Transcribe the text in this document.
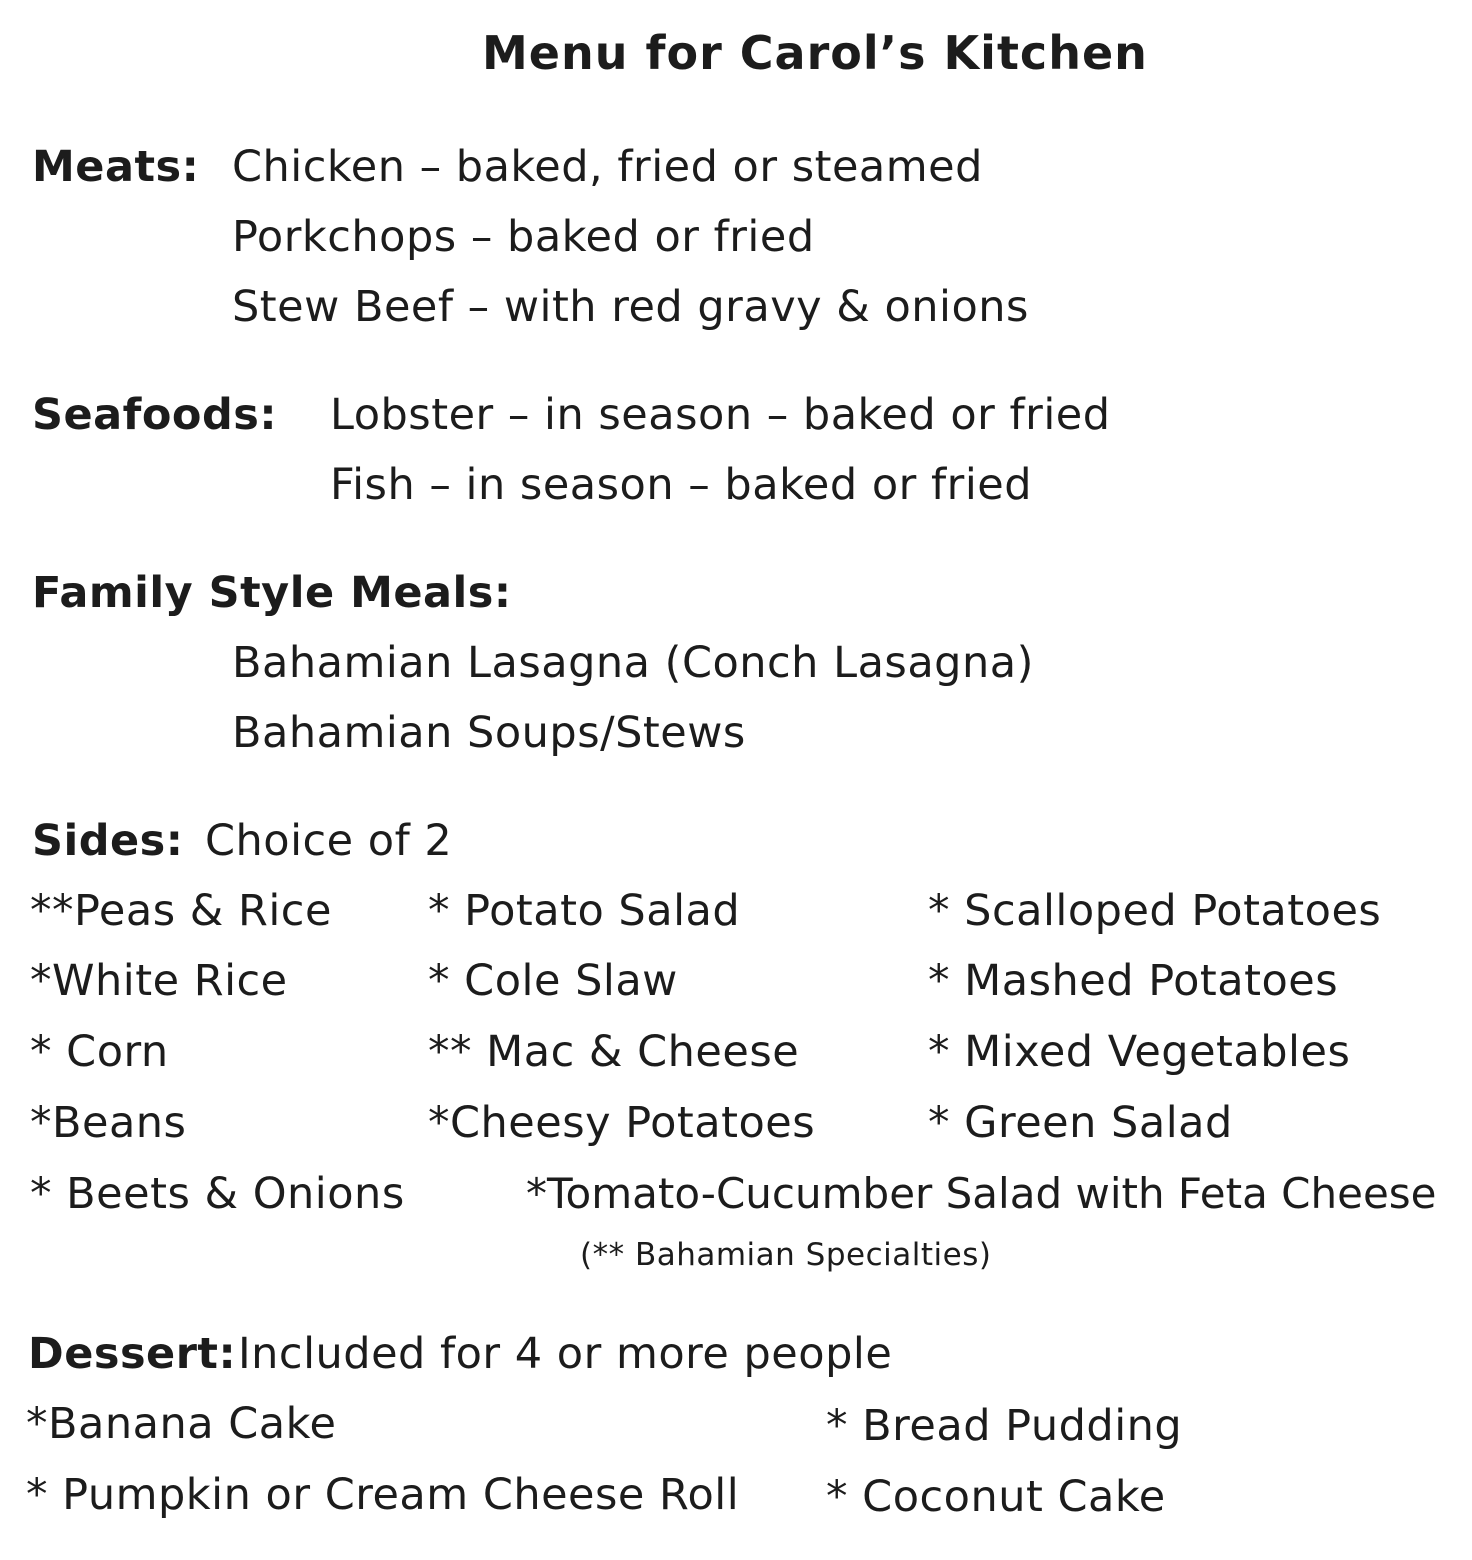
Menu for Carol’s Kitchen
Meats: Chicken – baked, fried or steamed
Porkchops – baked or fried
Stew Beef – with red gravy & onions
Seafoods: Lobster – in season – baked or fried
Fish – in season – baked or fried
Family Style Meals:
Bahamian Lasagna (Conch Lasagna)
Bahamian Soups/Stews
Sides: Choice of 2
**Peas & Rice
*White Rice
* Corn
*Beans
* Beets & Onions
* Potato Salad
* Cole Slaw
** Mac & Cheese
*Cheesy Potatoes
* Scalloped Potatoes
* Mashed Potatoes
* Mixed Vegetables
* Green Salad
*Tomato-Cucumber Salad with Feta Cheese
(** Bahamian Specialties)
Dessert: Included for 4 or more people
*Banana Cake
* Pumpkin or Cream Cheese Roll
* Bread Pudding
* Coconut Cake
